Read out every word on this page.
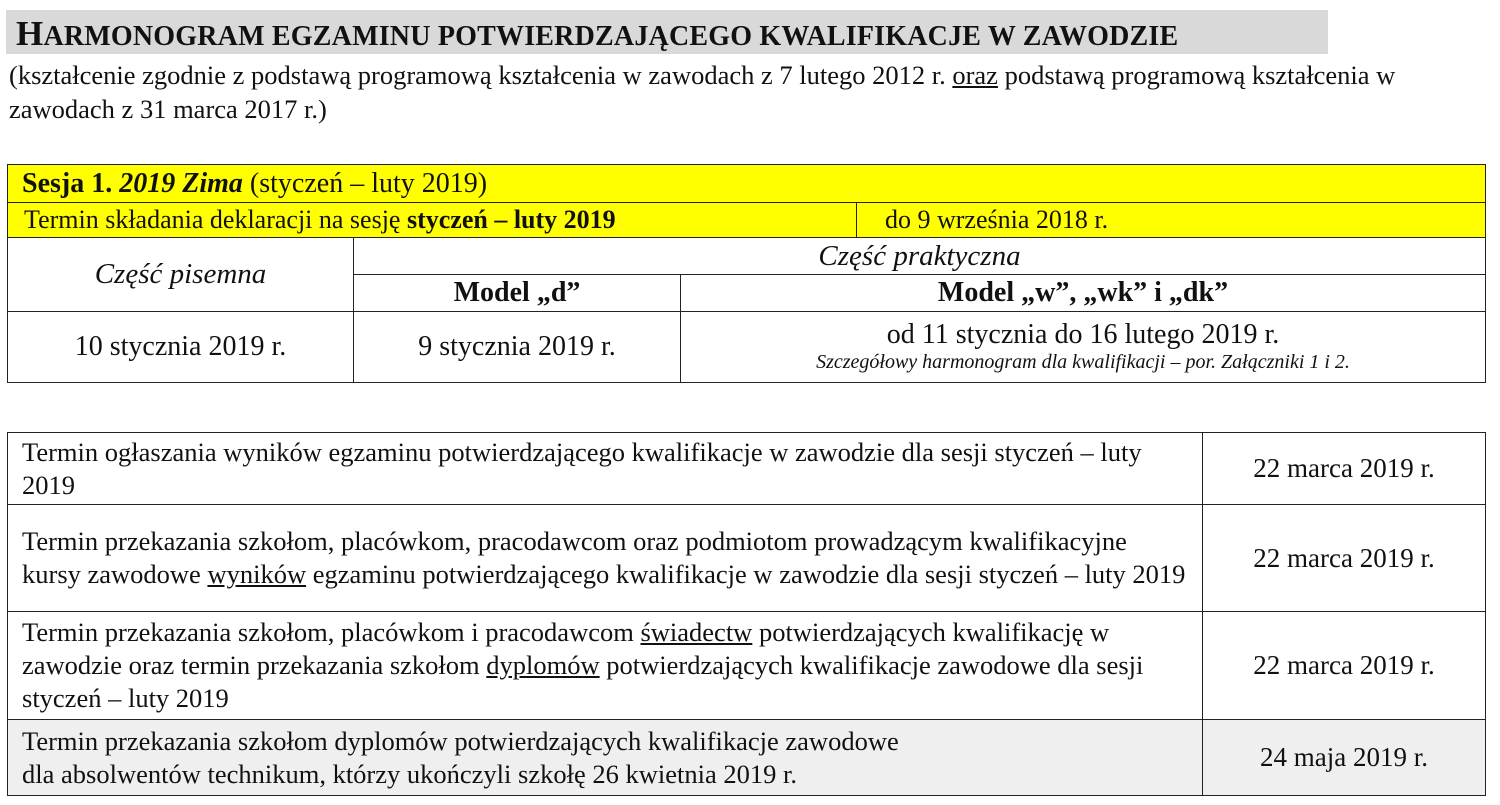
HARMONOGRAM EGZAMINU POTWIERDZAJĄCEGO KWALIFIKACJE W ZAWODZIE
(kształcenie zgodnie z podstawą programową kształcenia w zawodach z 7 lutego 2012 r. oraz podstawą programową kształcenia w zawodach z 31 marca 2017 r.)
Sesja 1. 2019 Zima (styczeń – luty 2019)			
Termin składania deklaracji na sesję styczeń – luty 2019			do 9 września 2018 r.
Część pisemna	Część praktyczna		
	Model „d”	Model „w”, „wk” i „dk”	
10 stycznia 2019 r.	9 stycznia 2019 r.	od 11 stycznia do 16 lutego 2019 r.
Szczegółowy harmonogram dla kwalifikacji – por. Załączniki 1 i 2.	
Termin ogłaszania wyników egzaminu potwierdzającego kwalifikacje w zawodzie dla sesji styczeń – luty 2019	22 marca 2019 r.
Termin przekazania szkołom, placówkom, pracodawcom oraz podmiotom prowadzącym kwalifikacyjne kursy zawodowe wyników egzaminu potwierdzającego kwalifikacje w zawodzie dla sesji styczeń – luty 2019	22 marca 2019 r.
Termin przekazania szkołom, placówkom i pracodawcom świadectw potwierdzających kwalifikację w zawodzie oraz termin przekazania szkołom dyplomów potwierdzających kwalifikacje zawodowe dla sesji styczeń – luty 2019	22 marca 2019 r.
Termin przekazania szkołom dyplomów potwierdzających kwalifikacje zawodowe
dla absolwentów technikum, którzy ukończyli szkołę 26 kwietnia 2019 r.	24 maja 2019 r.
